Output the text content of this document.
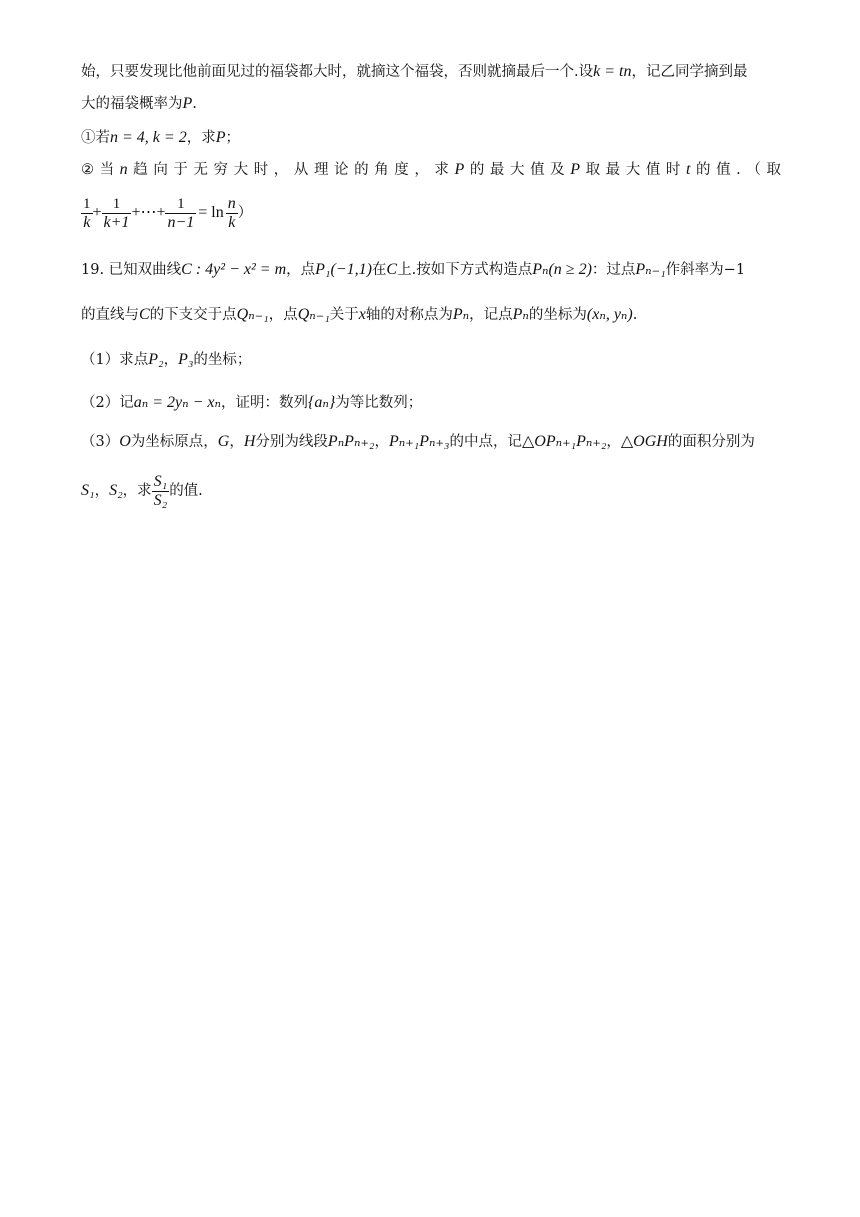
始，只要发现比他前面见过的福袋都大时，就摘这个福袋，否则就摘最后一个.设k = tn，记乙同学摘到最
大的福袋概率为P.
①若n = 4, k = 2，求P；
② 当 n 趋 向 于 无 穷 大 时 ， 从 理 论 的 角 度 ， 求 P 的 最 大 值 及 P 取 最 大 值 时 t 的 值 . （ 取
$\frac{1}{k} + \frac{1}{k+1}$ +⋯+ $\frac{1}{n-1} = \ln \frac{n}{k}$ ）
19. 已知双曲线C : 4y² − x² = m，点P₁(−1,1)在C上.按如下方式构造点Pₙ(n ≥ 2)：过点Pₙ₋₁作斜率为−1
的直线与C的下支交于点Qₙ₋₁，点Qₙ₋₁关于x轴的对称点为Pₙ，记点Pₙ的坐标为(xₙ, yₙ).
（1）求点P₂，P₃的坐标；
（2）记aₙ = 2yₙ − xₙ，证明：数列{aₙ}为等比数列；
（3）O为坐标原点，G，H分别为线段PₙPₙ₊₂，Pₙ₊₁Pₙ₊₃的中点，记△OPₙ₊₁Pₙ₊₂，△OGH的面积分别为
S₁ ， S₂ ，求 $\frac{\text{S₁}}{\text{S₂}}$ 的值.
